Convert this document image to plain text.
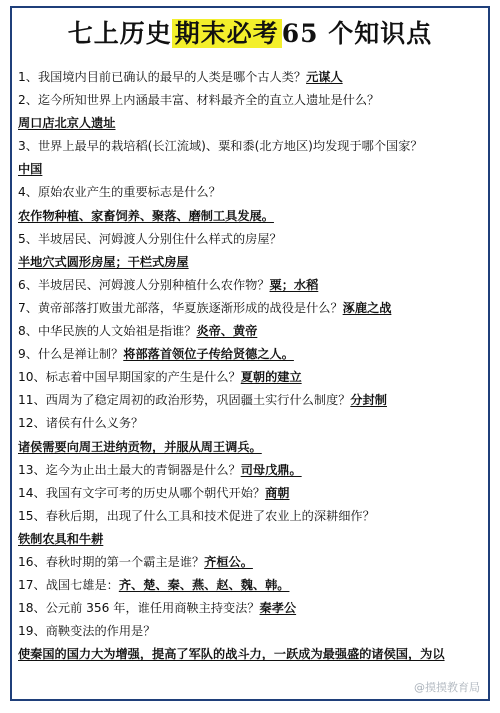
七上历史 期末必考 65 个知识点
1、我国境内目前已确认的最早的人类是哪个古人类？元谋人
2、迄今所知世界上内涵最丰富、材料最齐全的直立人遗址是什么？
周口店北京人遗址
3、世界上最早的栽培稻(长江流域)、粟和黍(北方地区)均发现于哪个国家？
中国
4、原始农业产生的重要标志是什么？
农作物种植、家畜饲养、聚落、磨制工具发展。
5、半坡居民、河姆渡人分别住什么样式的房屋？
半地穴式圆形房屋；干栏式房屋
6、半坡居民、河姆渡人分别种植什么农作物？粟；水稻
7、黄帝部落打败蚩尤部落，华夏族逐渐形成的战役是什么？涿鹿之战
8、中华民族的人文始祖是指谁？炎帝、黄帝
9、什么是禅让制？将部落首领位子传给贤德之人。
10、标志着中国早期国家的产生是什么？夏朝的建立
11、西周为了稳定周初的政治形势，巩固疆土实行什么制度？分封制
12、诸侯有什么义务？
诸侯需要向周王进纳贡物，并服从周王调兵。
13、迄今为止出土最大的青铜器是什么？司母戊鼎。
14、我国有文字可考的历史从哪个朝代开始？商朝
15、春秋后期，出现了什么工具和技术促进了农业上的深耕细作？
铁制农具和牛耕
16、春秋时期的第一个霸主是谁？齐桓公。
17、战国七雄是：齐、楚、秦、燕、赵、魏、韩。
18、公元前 356 年，谁任用商鞅主持变法？秦孝公
19、商鞅变法的作用是？
使秦国的国力大为增强，提高了军队的战斗力，一跃成为最强盛的诸侯国，为以
@摸摸教育局
